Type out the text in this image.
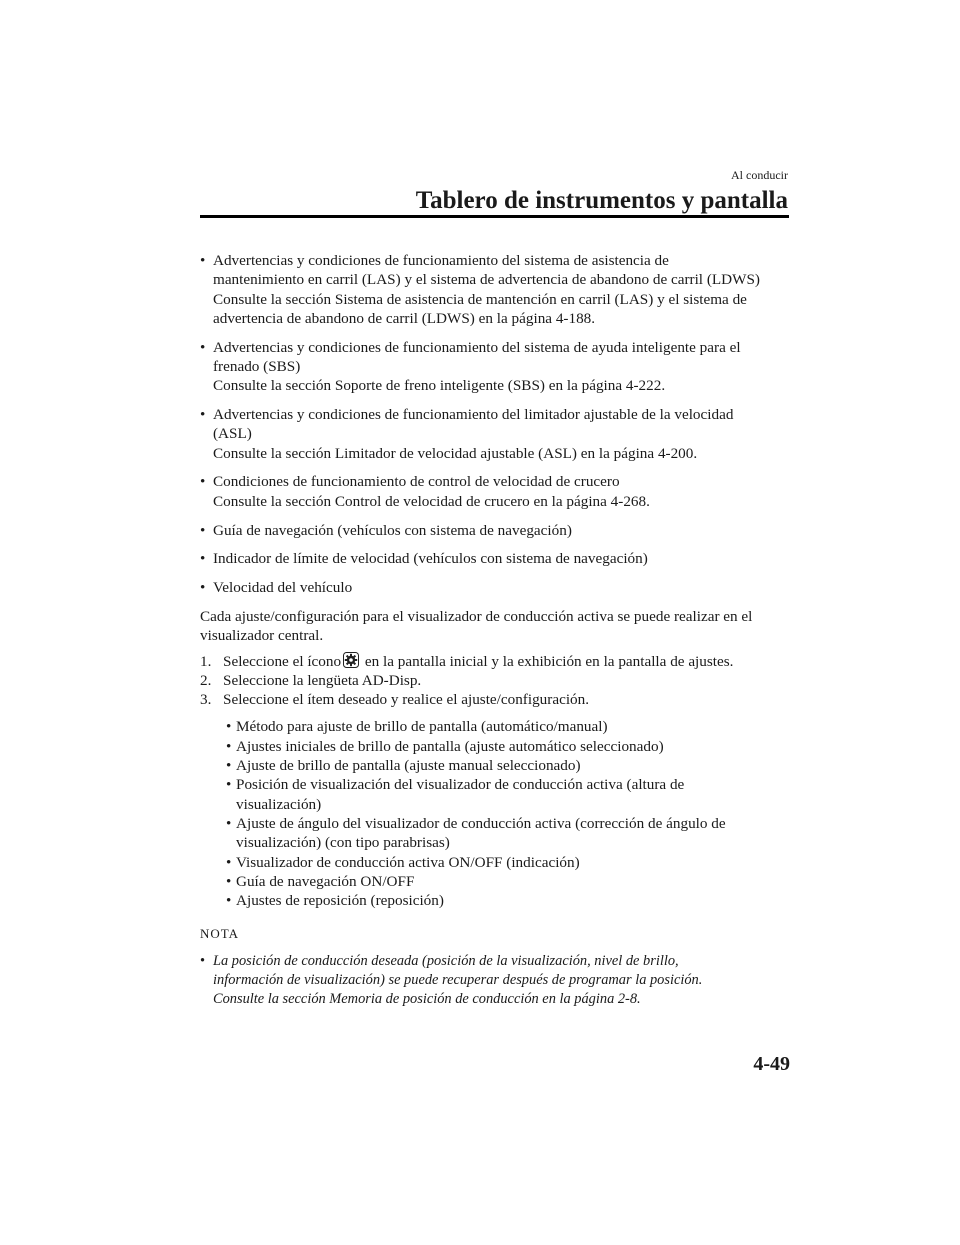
Al conducir
Tablero de instrumentos y pantalla
• Advertencias y condiciones de funcionamiento del sistema de asistencia de
mantenimiento en carril (LAS) y el sistema de advertencia de abandono de carril (LDWS)
Consulte la sección Sistema de asistencia de mantención en carril (LAS) y el sistema de
advertencia de abandono de carril (LDWS) en la página 4-188.
• Advertencias y condiciones de funcionamiento del sistema de ayuda inteligente para el
frenado (SBS)
Consulte la sección Soporte de freno inteligente (SBS) en la página 4-222.
• Advertencias y condiciones de funcionamiento del limitador ajustable de la velocidad
(ASL)
Consulte la sección Limitador de velocidad ajustable (ASL) en la página 4-200.
• Condiciones de funcionamiento de control de velocidad de crucero
Consulte la sección Control de velocidad de crucero en la página 4-268.
• Guía de navegación (vehículos con sistema de navegación)
• Indicador de límite de velocidad (vehículos con sistema de navegación)
• Velocidad del vehículo
Cada ajuste/configuración para el visualizador de conducción activa se puede realizar en el
visualizador central.
1. Seleccione el ícono en la pantalla inicial y la exhibición en la pantalla de ajustes.
2. Seleccione la lengüeta AD-Disp.
3. Seleccione el ítem deseado y realice el ajuste/configuración.
• Método para ajuste de brillo de pantalla (automático/manual)
• Ajustes iniciales de brillo de pantalla (ajuste automático seleccionado)
• Ajuste de brillo de pantalla (ajuste manual seleccionado)
• Posición de visualización del visualizador de conducción activa (altura de
visualización)
• Ajuste de ángulo del visualizador de conducción activa (corrección de ángulo de
visualización) (con tipo parabrisas)
• Visualizador de conducción activa ON/OFF (indicación)
• Guía de navegación ON/OFF
• Ajustes de reposición (reposición)
NOTA
• La posición de conducción deseada (posición de la visualización, nivel de brillo,
información de visualización) se puede recuperar después de programar la posición.
Consulte la sección Memoria de posición de conducción en la página 2-8.
4-49
